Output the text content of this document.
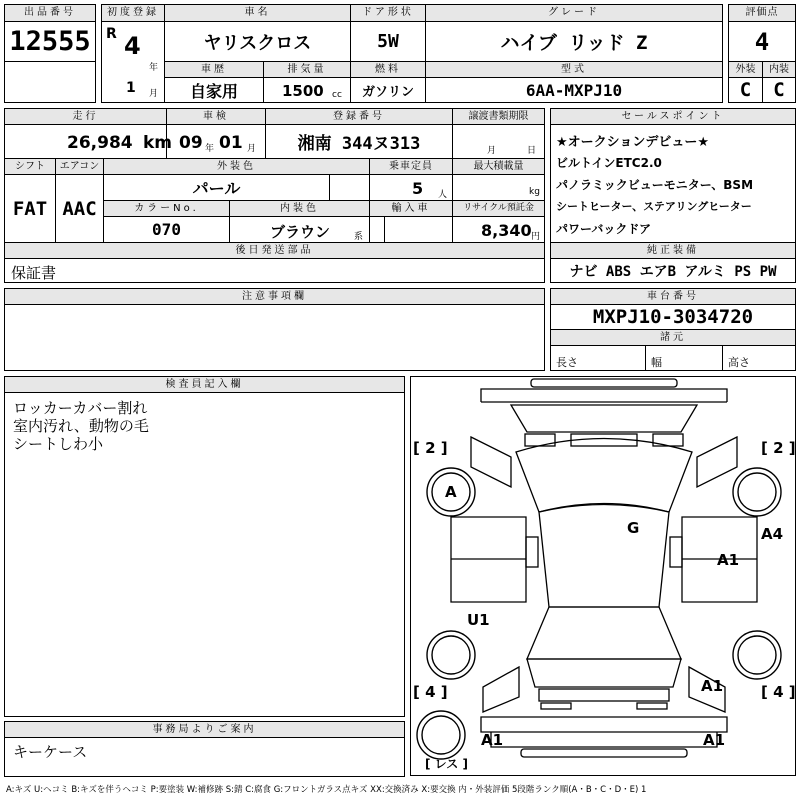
出品番号
12555
初度登録
R 4
年
1 月
車名
ヤリスクロス
ドア形状
5W
グレード
ハイブ リッド Z
評価点
4
外装	内装
C	C
車歴
自家用
排気量
1500 cc
燃料
ガソリン
型式
6AA-MXPJ10
走行
26,984 km
車検
09 年 01 月
登録番号
湘南 344ヌ313
譲渡書類期限
月	日
セールスポイント
★オークションデビュー★
ビルトインETC2.0
パノラミックビューモニター、BSM
シートヒーター、ステアリングヒーター
パワーバックドア
シフト
FAT
エアコン
AAC
外装色
パール
乗車定員
5 人
最大積載量
kg
カラーNo.
070
内装色
ブラウン	系
輸入車	リサイクル預託金
8,340 円
後日発送部品
保証書
純正装備
ナビ ABS エアB アルミ PS PW
注意事項欄	車台番号
MXPJ10-3034720
諸元
長さ	幅	高さ
検査員記入欄
ロッカーカバー割れ
室内汚れ、動物の毛
シートしわ小
事務局よりご案内
キーケース
[ 2 ]	[ 2 ]
[ 4 ]	[ 4 ]
[ レス ]
A
G	A4
A1
U1
A1
A1	A1
A:キズ U:ヘコミ B:キズを伴うヘコミ P:要塗装 W:補修跡 S:錆 C:腐食 G:フロントガラス点キズ XX:交換済み X:要交換 内・外装評価 5段階ランク順(A・B・C・D・E) 1
